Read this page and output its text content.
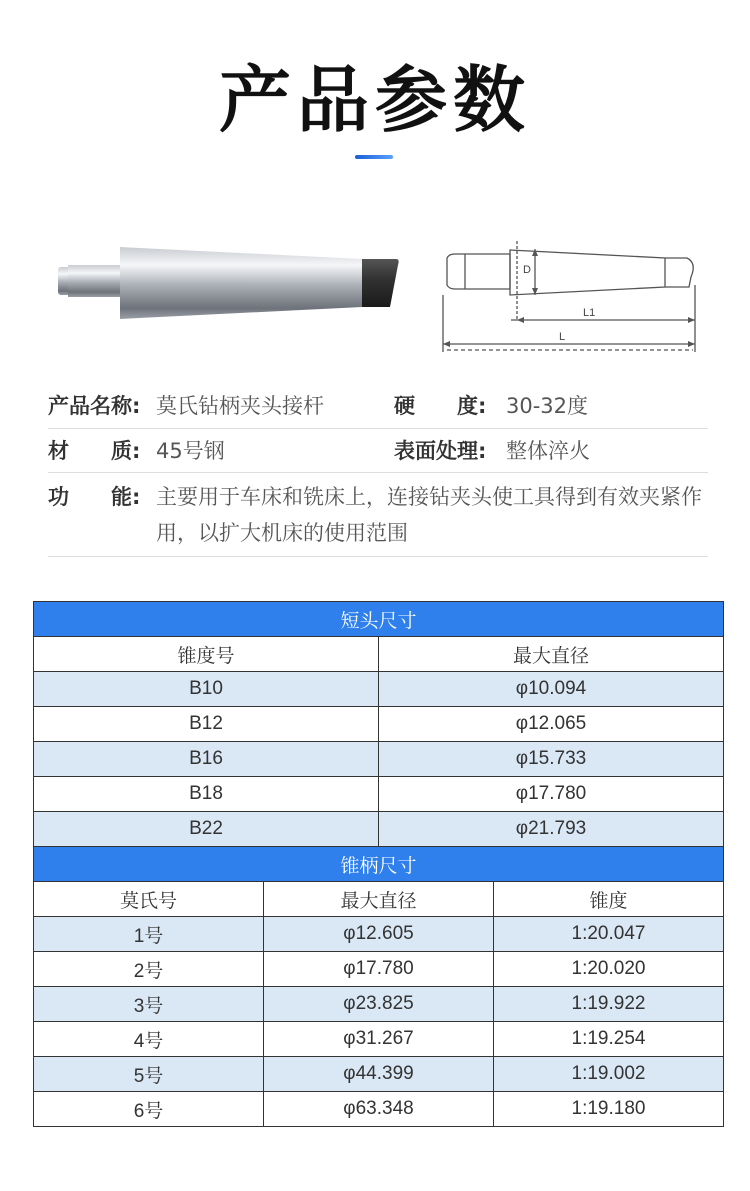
产品参数
D
L1
L
产品名称: 莫氏钻柄夹头接杆	硬　　度: 30-32度
材　　质: 45号钢	表面处理: 整体淬火
功　　能: 主要用于车床和铣床上，连接钻夹头使工具得到有效夹紧作用，以扩大机床的使用范围
短头尺寸	
锥度号	最大直径
B10	φ10.094
B12	φ12.065
B16	φ15.733
B18	φ17.780
B22	φ21.793
锥柄尺寸		
莫氏号	最大直径	锥度
1号	φ12.605	1:20.047
2号	φ17.780	1:20.020
3号	φ23.825	1:19.922
4号	φ31.267	1:19.254
5号	φ44.399	1:19.002
6号	φ63.348	1:19.180
